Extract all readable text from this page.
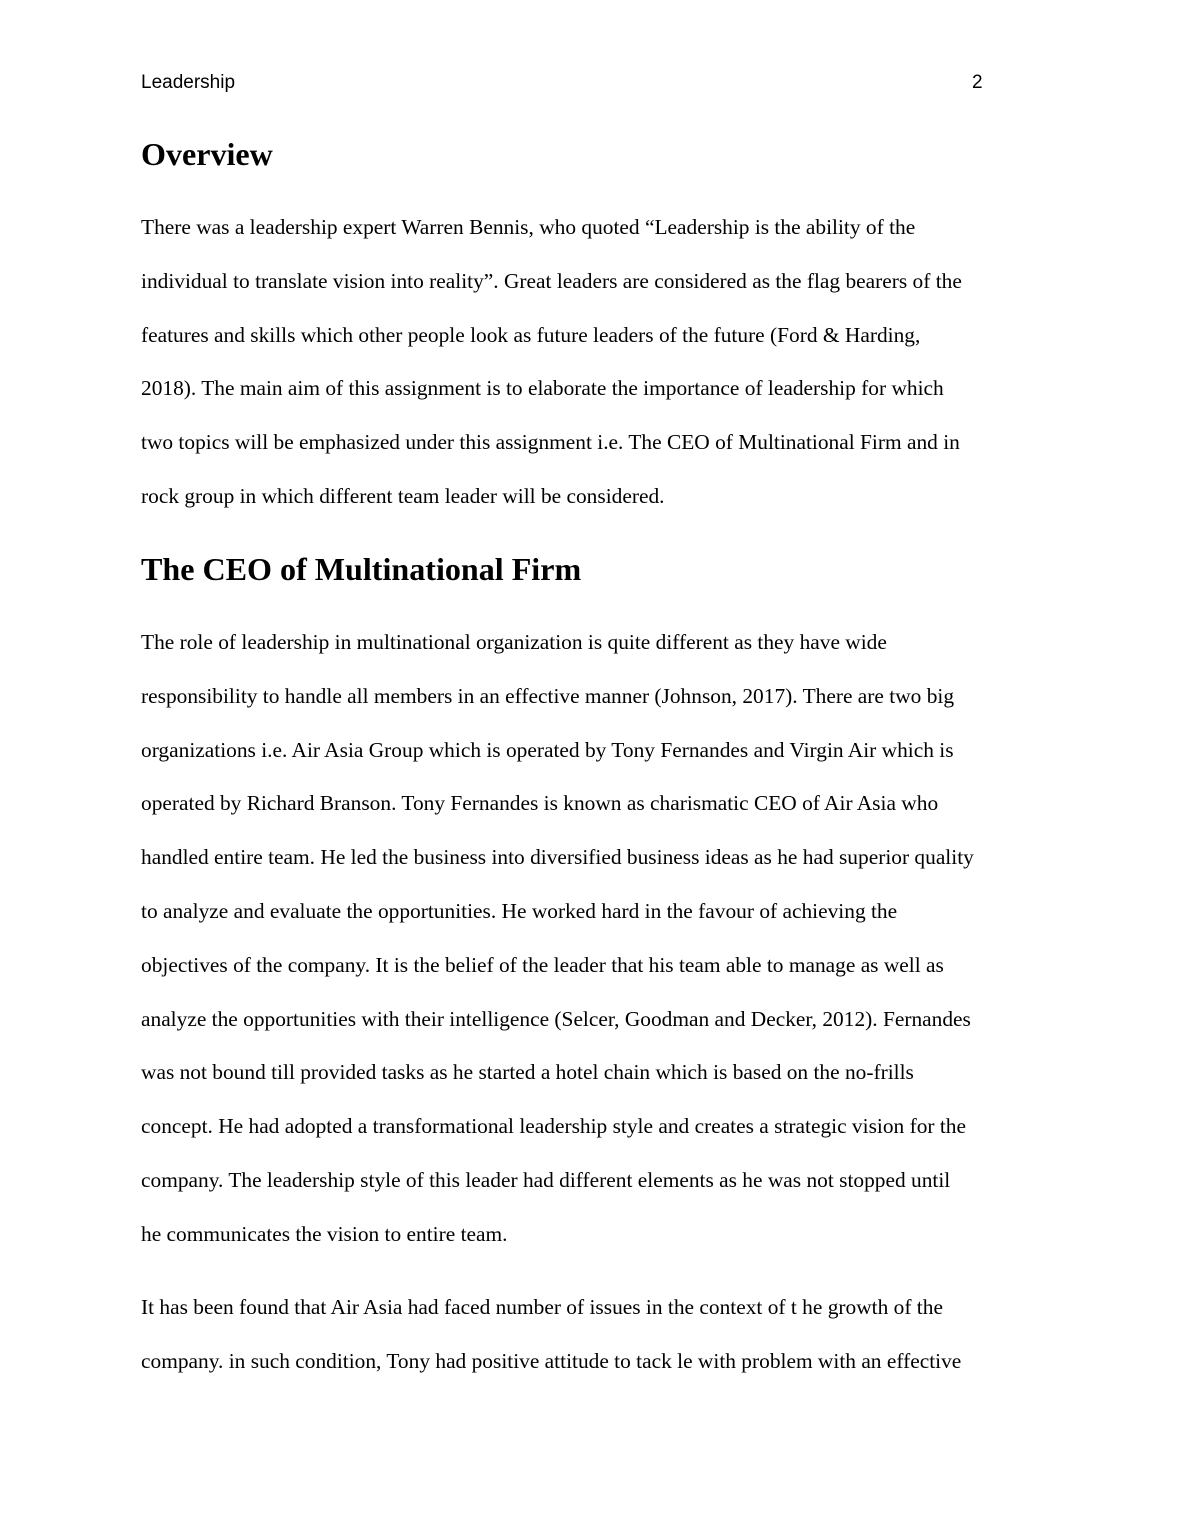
Leadership	2
Overview

There was a leadership expert Warren Bennis, who quoted “Leadership is the ability of the
individual to translate vision into reality”. Great leaders are considered as the flag bearers of the
features and skills which other people look as future leaders of the future (Ford & Harding,
2018). The main aim of this assignment is to elaborate the importance of leadership for which
two topics will be emphasized under this assignment i.e. The CEO of Multinational Firm and in
rock group in which different team leader will be considered.

The CEO of Multinational Firm

The role of leadership in multinational organization is quite different as they have wide
responsibility to handle all members in an effective manner (Johnson, 2017). There are two big
organizations i.e. Air Asia Group which is operated by Tony Fernandes and Virgin Air which is
operated by Richard Branson. Tony Fernandes is known as charismatic CEO of Air Asia who
handled entire team. He led the business into diversified business ideas as he had superior quality
to analyze and evaluate the opportunities. He worked hard in the favour of achieving the
objectives of the company. It is the belief of the leader that his team able to manage as well as
analyze the opportunities with their intelligence (Selcer, Goodman and Decker, 2012). Fernandes
was not bound till provided tasks as he started a hotel chain which is based on the no-frills
concept. He had adopted a transformational leadership style and creates a strategic vision for the
company. The leadership style of this leader had different elements as he was not stopped until
he communicates the vision to entire team.

It has been found that Air Asia had faced number of issues in the context of t he growth of the
company. in such condition, Tony had positive attitude to tack le with problem with an effective
